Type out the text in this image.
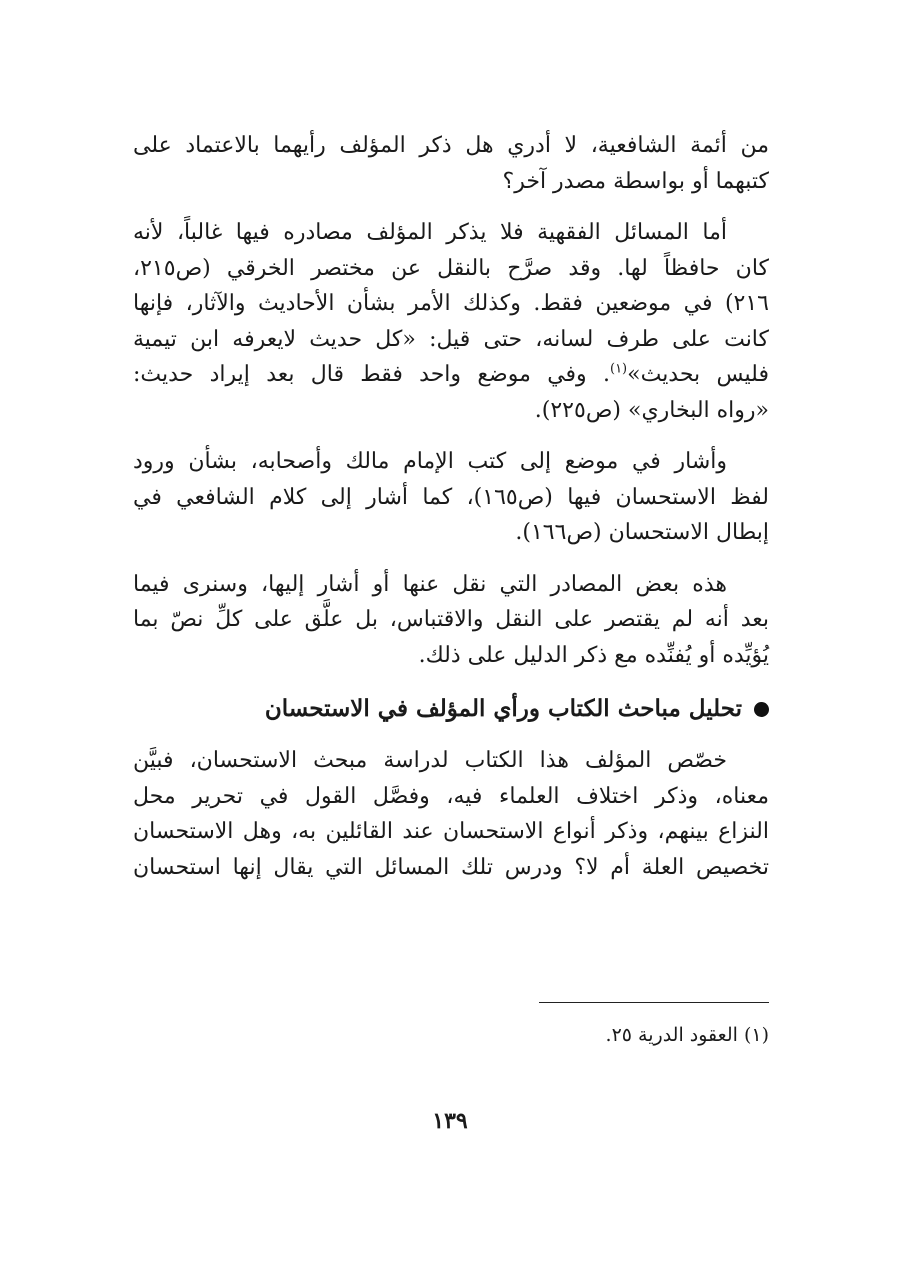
من أئمة الشافعية، لا أدري هل ذكر المؤلف رأيهما بالاعتماد على
كتبهما أو بواسطة مصدر آخر؟
أما المسائل الفقهية فلا يذكر المؤلف مصادره فيها غالباً، لأنه
كان حافظاً لها. وقد صرَّح بالنقل عن مختصر الخرقي (ص٢١٥،
٢١٦) في موضعين فقط. وكذلك الأمر بشأن الأحاديث والآثار، فإنها
كانت على طرف لسانه، حتى قيل: «كل حديث لايعرفه ابن تيمية
فليس بحديث»$^{(١)}$. وفي موضع واحد فقط قال بعد إيراد حديث:
«رواه البخاري» (ص٢٢٥).
وأشار في موضع إلى كتب الإمام مالك وأصحابه، بشأن ورود
لفظ الاستحسان فيها (ص١٦٥)، كما أشار إلى كلام الشافعي في
إبطال الاستحسان (ص١٦٦).
هذه بعض المصادر التي نقل عنها أو أشار إليها، وسنرى فيما
بعد أنه لم يقتصر على النقل والاقتباس، بل علَّق على كلِّ نصّ بما
يُؤيِّده أو يُفنِّده مع ذكر الدليل على ذلك.
تحليل مباحث الكتاب ورأي المؤلف في الاستحسان
خصّص المؤلف هذا الكتاب لدراسة مبحث الاستحسان، فبيَّن
معناه، وذكر اختلاف العلماء فيه، وفصَّل القول في تحرير محل
النزاع بينهم، وذكر أنواع الاستحسان عند القائلين به، وهل الاستحسان
تخصيص العلة أم لا؟ ودرس تلك المسائل التي يقال إنها استحسان
(١) العقود الدرية ٢٥.
١٣٩
